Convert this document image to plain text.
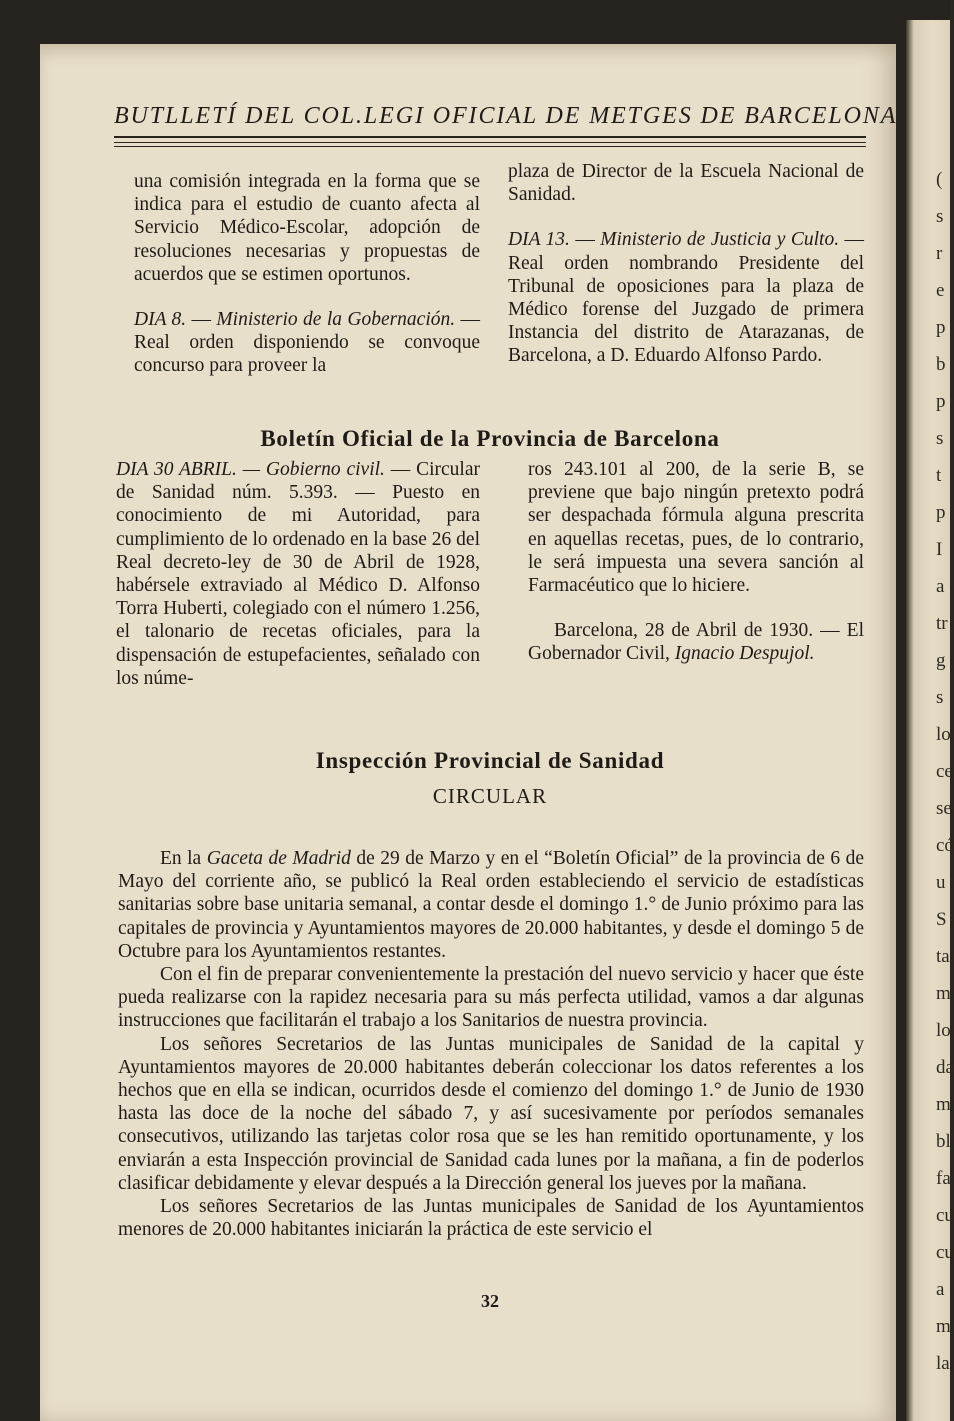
(
s
r
e
p
b
p
s
t
p
I
a
tr
g
s
lo
ce
se
có
u
S
ta
m
lo
da
m
bl
fa
cu
cu
a
m
la
BUTLLETÍ DEL COL.LEGI OFICIAL DE METGES DE BARCELONA

una comisión integrada en la forma que se indica para el estudio de cuanto afecta al Servicio Médico-Escolar, adopción de resoluciones necesarias y propuestas de acuerdos que se estimen oportunos.

DIA 8. — Ministerio de la Gobernación. — Real orden disponiendo se convoque concurso para proveer la

plaza de Director de la Escuela Nacional de Sanidad.

DIA 13. — Ministerio de Justicia y Culto. — Real orden nombrando Presidente del Tribunal de oposiciones para la plaza de Médico forense del Juzgado de primera Instancia del distrito de Atarazanas, de Barcelona, a D. Eduardo Alfonso Pardo.

Boletín Oficial de la Provincia de Barcelona

DIA 30 ABRIL. — Gobierno civil. — Circular de Sanidad núm. 5.393. — Puesto en conocimiento de mi Autoridad, para cumplimiento de lo ordenado en la base 26 del Real decreto-ley de 30 de Abril de 1928, habérsele extraviado al Médico D. Alfonso Torra Huberti, colegiado con el número 1.256, el talonario de recetas oficiales, para la dispensación de estupefacientes, señalado con los núme-

ros 243.101 al 200, de la serie B, se previene que bajo ningún pretexto podrá ser despachada fórmula alguna prescrita en aquellas recetas, pues, de lo contrario, le será impuesta una severa sanción al Farmacéutico que lo hiciere.

Barcelona, 28 de Abril de 1930. — El Gobernador Civil, Ignacio Despujol.

Inspección Provincial de Sanidad
CIRCULAR

En la Gaceta de Madrid de 29 de Marzo y en el “Boletín Oficial” de la provincia de 6 de Mayo del corriente año, se publicó la Real orden estableciendo el servicio de estadísticas sanitarias sobre base unitaria semanal, a contar desde el domingo 1.° de Junio próximo para las capitales de provincia y Ayuntamientos mayores de 20.000 habitantes, y desde el domingo 5 de Octubre para los Ayuntamientos restantes.

Con el fin de preparar convenientemente la prestación del nuevo servicio y hacer que éste pueda realizarse con la rapidez necesaria para su más perfecta utilidad, vamos a dar algunas instrucciones que facilitarán el trabajo a los Sanitarios de nuestra provincia.

Los señores Secretarios de las Juntas municipales de Sanidad de la capital y Ayuntamientos mayores de 20.000 habitantes deberán coleccionar los datos referentes a los hechos que en ella se indican, ocurridos desde el comienzo del domingo 1.° de Junio de 1930 hasta las doce de la noche del sábado 7, y así sucesivamente por períodos semanales consecutivos, utilizando las tarjetas color rosa que se les han remitido oportunamente, y los enviarán a esta Inspección provincial de Sanidad cada lunes por la mañana, a fin de poderlos clasificar debidamente y elevar después a la Dirección general los jueves por la mañana.

Los señores Secretarios de las Juntas municipales de Sanidad de los Ayuntamientos menores de 20.000 habitantes iniciarán la práctica de este servicio el

32
